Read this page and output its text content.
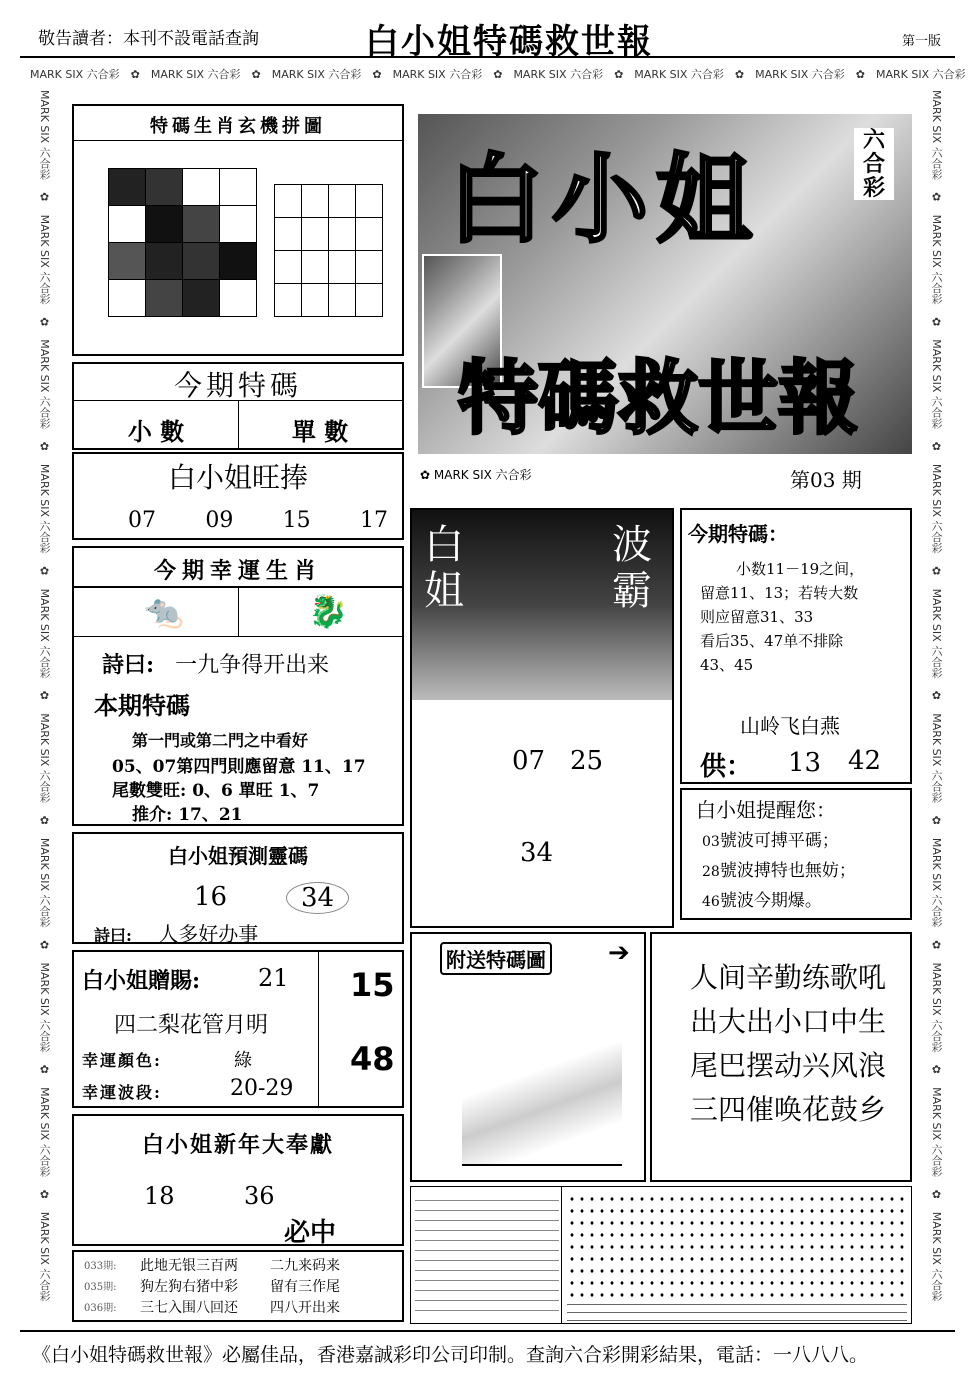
敬告讀者：本刊不設電話查詢	白小姐特碼救世報	第一版
MARK SIX 六合彩　✿　MARK SIX 六合彩　✿　MARK SIX 六合彩　✿　MARK SIX 六合彩　✿　MARK SIX 六合彩　✿　MARK SIX 六合彩　✿　MARK SIX 六合彩　✿　MARK SIX 六合彩
MARK SIX 六合彩　✿　MARK SIX 六合彩　✿　MARK SIX 六合彩　✿　MARK SIX 六合彩　✿　MARK SIX 六合彩　✿　MARK SIX 六合彩　✿　MARK SIX 六合彩　✿　MARK SIX 六合彩　✿　MARK SIX 六合彩　✿　MARK SIX 六合彩
MARK SIX 六合彩　✿　MARK SIX 六合彩　✿　MARK SIX 六合彩　✿　MARK SIX 六合彩　✿　MARK SIX 六合彩　✿　MARK SIX 六合彩　✿　MARK SIX 六合彩　✿　MARK SIX 六合彩　✿　MARK SIX 六合彩　✿　MARK SIX 六合彩
特碼生肖玄機拼圖

今期特碼
小 數	單 數
白小姐旺捧
07 09 15 17
今期幸運生肖
🐀	🐉
詩曰: 一九争得开出来
本期特碼
第一門或第二門之中看好
05、07第四門則應留意 11、17
尾數雙旺: 0、6 單旺 1、7
推介: 17、21
白小姐預測靈碼
16	34
詩曰: 人多好办事
白小姐贈賜: 21
四二梨花管月明
幸運顏色:	綠
幸運波段:	20-29
15
48
白小姐新年大奉獻
18	36
必中
033期:	此地无银三百两	二九来码来
035期:	狗左狗右猪中彩	留有三作尾
036期:	三七入围八回还	四八开出来
白小姐
特碼救世報
六合彩
✿ MARK SIX 六合彩	第03 期
白姐
波霸
07 25
34
今期特碼：
小数11－19之间，
留意11、13；若转大数
则应留意31、33
看后35、47单不排除
43、45
山岭飞白燕
供： 13 42
白小姐提醒您：
03號波可搏平碼；
28號波搏特也無妨；
46號波今期爆。
附送特碼圖 ➔
人间辛勤练歌吼
出大出小口中生
尾巴摆动兴风浪
三四催唤花鼓乡
《白小姐特碼救世報》必屬佳品，香港嘉誠彩印公司印制。查詢六合彩開彩結果，電話：一八八八。
